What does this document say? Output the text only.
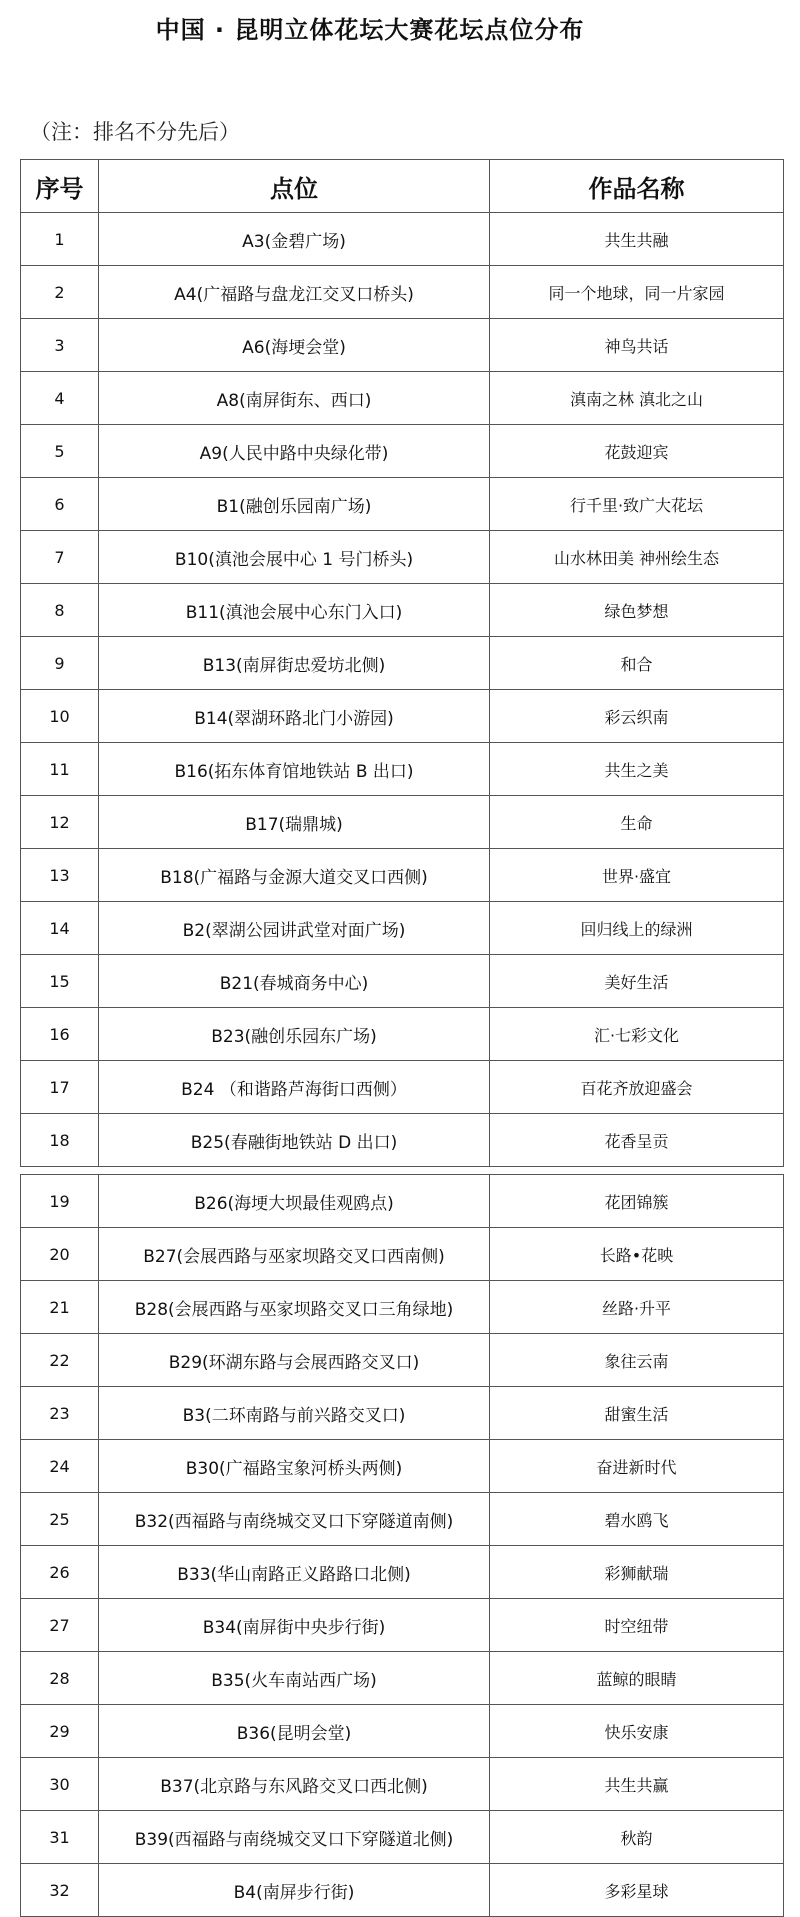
中国 · 昆明立体花坛大赛花坛点位分布
（注：排名不分先后）
序号	点位	作品名称
1	A3(金碧广场)	共生共融
2	A4(广福路与盘龙江交叉口桥头)	同一个地球，同一片家园
3	A6(海埂会堂)	神鸟共话
4	A8(南屏街东、西口)	滇南之林 滇北之山
5	A9(人民中路中央绿化带)	花鼓迎宾
6	B1(融创乐园南广场)	行千里·致广大花坛
7	B10(滇池会展中心 1 号门桥头)	山水林田美 神州绘生态
8	B11(滇池会展中心东门入口)	绿色梦想
9	B13(南屏街忠爱坊北侧)	和合
10	B14(翠湖环路北门小游园)	彩云织南
11	B16(拓东体育馆地铁站 B 出口)	共生之美
12	B17(瑞鼎城)	生命
13	B18(广福路与金源大道交叉口西侧)	世界·盛宜
14	B2(翠湖公园讲武堂对面广场)	回归线上的绿洲
15	B21(春城商务中心)	美好生活
16	B23(融创乐园东广场)	汇·七彩文化
17	B24 （和谐路芦海街口西侧）	百花齐放迎盛会
18	B25(春融街地铁站 D 出口)	花香呈贡
19	B26(海埂大坝最佳观鸥点)	花团锦簇
20	B27(会展西路与巫家坝路交叉口西南侧)	长路•花映
21	B28(会展西路与巫家坝路交叉口三角绿地)	丝路·升平
22	B29(环湖东路与会展西路交叉口)	象往云南
23	B3(二环南路与前兴路交叉口)	甜蜜生活
24	B30(广福路宝象河桥头两侧)	奋进新时代
25	B32(西福路与南绕城交叉口下穿隧道南侧)	碧水鸥飞
26	B33(华山南路正义路路口北侧)	彩狮献瑞
27	B34(南屏街中央步行街)	时空纽带
28	B35(火车南站西广场)	蓝鲸的眼睛
29	B36(昆明会堂)	快乐安康
30	B37(北京路与东风路交叉口西北侧)	共生共赢
31	B39(西福路与南绕城交叉口下穿隧道北侧)	秋韵
32	B4(南屏步行街)	多彩星球
